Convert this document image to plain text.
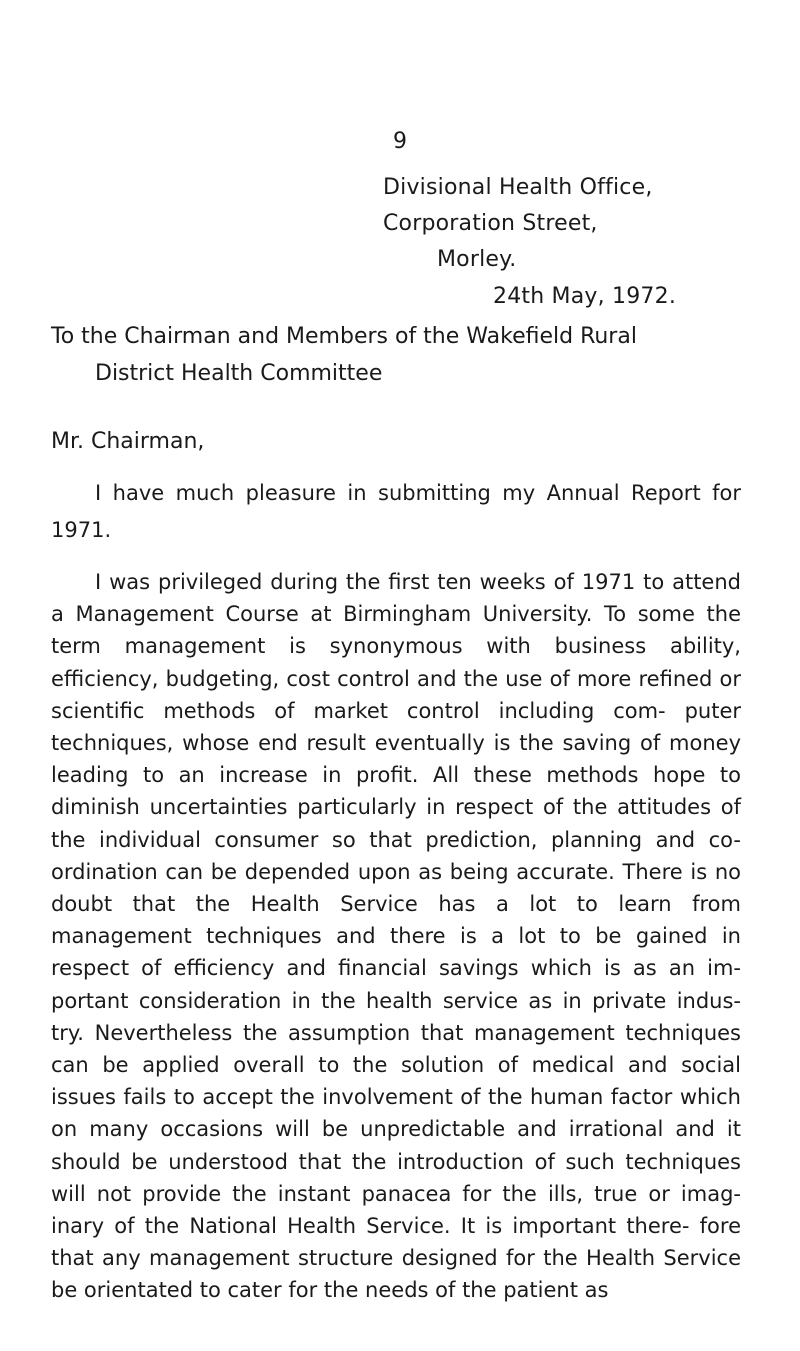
9
Divisional Health Office,
Corporation Street,
Morley.
24th May, 1972.
To the Chairman and Members of the Wakefield Rural
District Health Committee
Mr. Chairman,

I have much pleasure in submitting my Annual Report for 1971.

I was privileged during the first ten weeks of 1971 to attend a Management Course at Birmingham University. To some the term management is synonymous with business ability, efficiency, budgeting, cost control and the use of more refined or scientific methods of market control including com- puter techniques, whose end result eventually is the saving of money leading to an increase in profit. All these methods hope to diminish uncertainties particularly in respect of the attitudes of the individual consumer so that prediction, planning and co-ordination can be depended upon as being accurate. There is no doubt that the Health Service has a lot to learn from management techniques and there is a lot to be gained in respect of efficiency and financial savings which is as an im- portant consideration in the health service as in private indus- try. Nevertheless the assumption that management techniques can be applied overall to the solution of medical and social issues fails to accept the involvement of the human factor which on many occasions will be unpredictable and irrational and it should be understood that the introduction of such techniques will not provide the instant panacea for the ills, true or imag- inary of the National Health Service. It is important there- fore that any management structure designed for the Health Service be orientated to cater for the needs of the patient as
